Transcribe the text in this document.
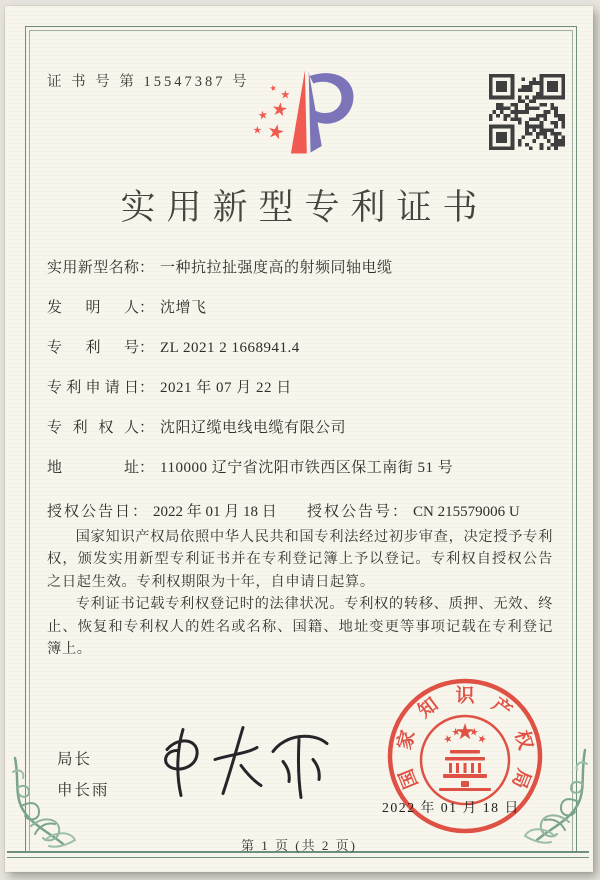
证 书 号 第 15547387 号
实用新型专利证书
实用新型名称： 一种抗拉扯强度高的射频同轴电缆
发明人： 沈增飞
专利号： ZL 2021 2 1668941.4
专利申请日： 2021 年 07 月 22 日
专利权人： 沈阳辽缆电线电缆有限公司
地址： 110000 辽宁省沈阳市铁西区保工南街 51 号
授权公告日： 2022 年 01 月 18 日 授权公告号： CN 215579006 U

国家知识产权局依照中华人民共和国专利法经过初步审查，决定授予专利权，颁发实用新型专利证书并在专利登记簿上予以登记。专利权自授权公告之日起生效。专利权期限为十年，自申请日起算。

专利证书记载专利权登记时的法律状况。专利权的转移、质押、无效、终止、恢复和专利权人的姓名或名称、国籍、地址变更等事项记载在专利登记簿上。

局长
申长雨	国
家
知 识 产
权
局
2022 年 01 月 18 日
第 1 页 (共 2 页)
